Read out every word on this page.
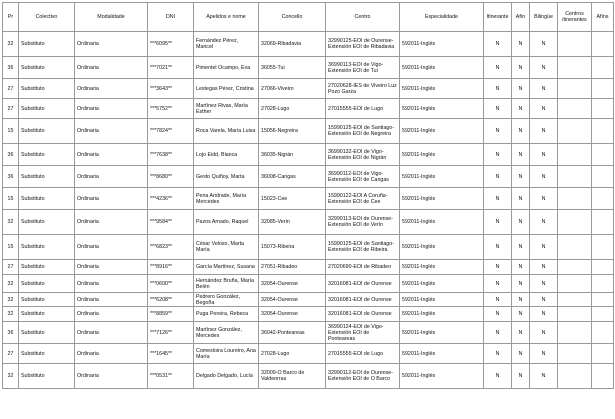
Pr	Colectivo	Modalidade	DNI	Apelidos e nome	Concello	Centro	Especialidade	Itinerante	Afín	Bilingüe	Centros itinerantes	Afíns
32	Substituto	Ordinaria	***6095**	Fernández Pérez, Maricel	32069-Ribadavia	32990125-EOI de Ourense-Extensión EOI de Ribadavia	592011-Inglés	N	N	N		
36	Substituto	Ordinaria	***7021**	Pimentel Ocampo, Eva	36055-Tui	36990113-EOI de Vigo-Extensión EOI de Tui	592011-Inglés	N	N	N		
27	Substituto	Ordinaria	***3643**	Lestegas Pérez, Cristina	27066-Viveiro	27020628-IES de Viveiro Luz Pozo Garza	592011-Inglés	N	N	N		
27	Substituto	Ordinaria	***5752**	Martínez Rivas, María Esther	27028-Lugo	27015555-EOI de Lugo	592011-Inglés	N	N	N		
15	Substituto	Ordinaria	***7824**	Roca Varela, María Luisa	15056-Negreira	15990125-EOI de Santiago-Extensión EOI de Negreira	592011-Inglés	N	N	N		
36	Substituto	Ordinaria	***7638**	Lojo Eidd, Blanca	36035-Nigrán	36990132-EOI de Vigo-Extensión EOI de Nigrán	592011-Inglés	N	N	N		
36	Substituto	Ordinaria	***8680**	Gesto Quiñoy, Marta	36008-Cangas	36990112-EOI de Vigo-Extensión EOI de Cangas	592011-Inglés	N	N	N		
15	Substituto	Ordinaria	***4236**	Pena Andrade, María Mercedes	15023-Cee	15990122-EOI A Coruña-Extensión EOI de Cee	592011-Inglés	N	N	N		
32	Substituto	Ordinaria	***9584**	Pazos Amado, Raquel	32085-Verín	32990113-EOI de Ourense-Extensión EOI de Verín	592011-Inglés	N	N	N		
15	Substituto	Ordinaria	***6823**	César Veloso, Marta María	15073-Ribeira	15990125-EOI de Santiago-Extensión EOI de Ribeira	592011-Inglés	N	N	N		
27	Substituto	Ordinaria	***8916**	García Martínez, Susana	27051-Ribadeo	27020690-EOI de Ribadeo	592011-Inglés	N	N	N		
32	Substituto	Ordinaria	***0600**	Hernández Bruña, María Belén	32054-Ourense	32016081-EOI de Ourense	592011-Inglés	N	N	N		
32	Substituto	Ordinaria	***6208**	Pedrero González, Begoña	32054-Ourense	32016081-EOI de Ourense	592011-Inglés	N	N	N		
32	Substituto	Ordinaria	***8859**	Puga Pereira, Rebeca	32054-Ourense	32016081-EOI de Ourense	592011-Inglés	N	N	N		
36	Substituto	Ordinaria	***7126**	Martínez González, Mercedes	36042-Ponteareas	36990124-EOI de Vigo-Extensión EOI de Ponteareas	592011-Inglés	N	N	N		
27	Substituto	Ordinaria	***1645**	Comesloira Loureiro, Ana María	27028-Lugo	27015555-EOI de Lugo	592011-Inglés	N	N	N		
32	Substituto	Ordinaria	***0531**	Delgado Delgado, Lucía	32009-O Barco de Valdeorras	32990112-EOI de Ourense-Extensión EOI de O Barco	592011-Inglés	N	N	N		
